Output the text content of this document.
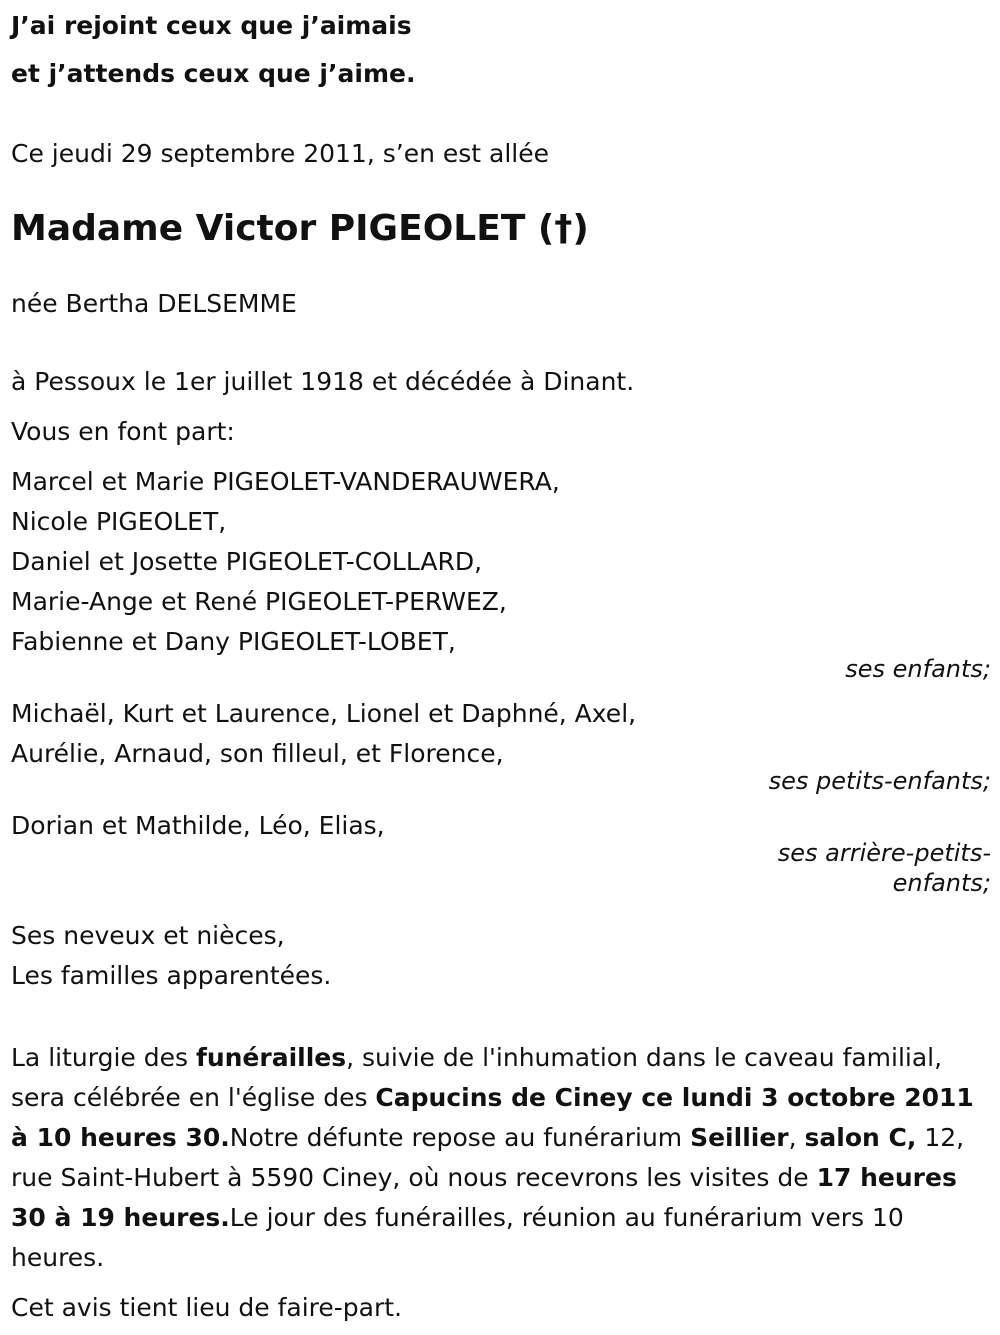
J’ai rejoint ceux que j’aimais
et j’attends ceux que j’aime.

Ce jeudi 29 septembre 2011, s’en est allée

Madame Victor PIGEOLET (†)

née Bertha DELSEMME

à Pessoux le 1er juillet 1918 et décédée à Dinant.

Vous en font part:

Marcel et Marie PIGEOLET-VANDERAUWERA,
Nicole PIGEOLET,
Daniel et Josette PIGEOLET-COLLARD,
Marie-Ange et René PIGEOLET-PERWEZ,
Fabienne et Dany PIGEOLET-LOBET,
ses enfants;
Michaël, Kurt et Laurence, Lionel et Daphné, Axel,
Aurélie, Arnaud, son filleul, et Florence,
ses petits-enfants;
Dorian et Mathilde, Léo, Elias,
ses arrière-petits-
enfants;
Ses neveux et nièces,
Les familles apparentées.

La liturgie des funérailles, suivie de l'inhumation dans le caveau familial, sera célébrée en l'église des Capucins de Ciney ce lundi 3 octobre 2011 à 10 heures 30.Notre défunte repose au funérarium Seillier, salon C, 12, rue Saint-Hubert à 5590 Ciney, où nous recevrons les visites de 17 heures 30 à 19 heures.Le jour des funérailles, réunion au funérarium vers 10 heures.

Cet avis tient lieu de faire-part.
